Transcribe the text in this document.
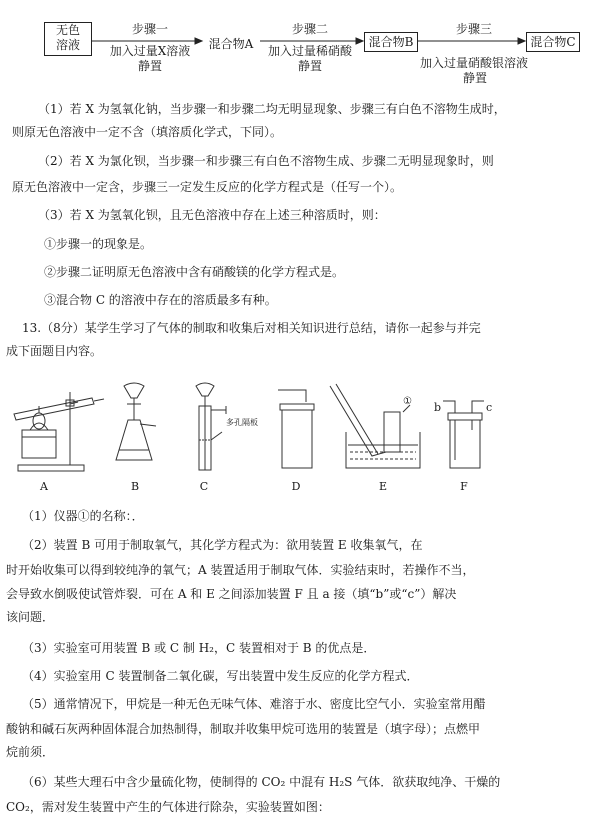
无色
溶液
步骤一
加入过量X溶液
静置
混合物A
步骤二
加入过量稀硝酸
静置
混合物B
步骤三
加入过量硝酸银溶液
静置
混合物C
（1）若 X 为氢氧化钠，当步骤一和步骤二均无明显现象、步骤三有白色不溶物生成时，
则原无色溶液中一定不含（填溶质化学式，下同）。
（2）若 X 为氯化钡，当步骤一和步骤三有白色不溶物生成、步骤二无明显现象时，则
原无色溶液中一定含，步骤三一定发生反应的化学方程式是（任写一个）。
（3）若 X 为氢氧化钡，且无色溶液中存在上述三种溶质时，则：
①步骤一的现象是。
②步骤二证明原无色溶液中含有硝酸镁的化学方程式是。
③混合物 C 的溶液中存在的溶质最多有种。
13.（8分）某学生学习了气体的制取和收集后对相关知识进行总结，请你一起参与并完
成下面题目内容。
多孔隔板
① b	c
A	B	C	D	E	F
（1）仪器①的名称：．
（2）装置 B 可用于制取氧气，其化学方程式为：欲用装置 E 收集氧气，在
时开始收集可以得到较纯净的氧气；A 装置适用于制取气体．实验结束时，若操作不当，
会导致水倒吸使试管炸裂．可在 A 和 E 之间添加装置 F 且 a 接（填“b”或“c”）解决
该问题．
（3）实验室可用装置 B 或 C 制 H₂，C 装置相对于 B 的优点是．
（4）实验室用 C 装置制备二氧化碳，写出装置中发生反应的化学方程式．
（5）通常情况下，甲烷是一种无色无味气体、难溶于水、密度比空气小．实验室常用醋
酸钠和碱石灰两种固体混合加热制得，制取并收集甲烷可选用的装置是（填字母）；点燃甲
烷前须．
（6）某些大理石中含少量硫化物，使制得的 CO₂ 中混有 H₂S 气体．欲获取纯净、干燥的
CO₂，需对发生装置中产生的气体进行除杂，实验装置如图：
